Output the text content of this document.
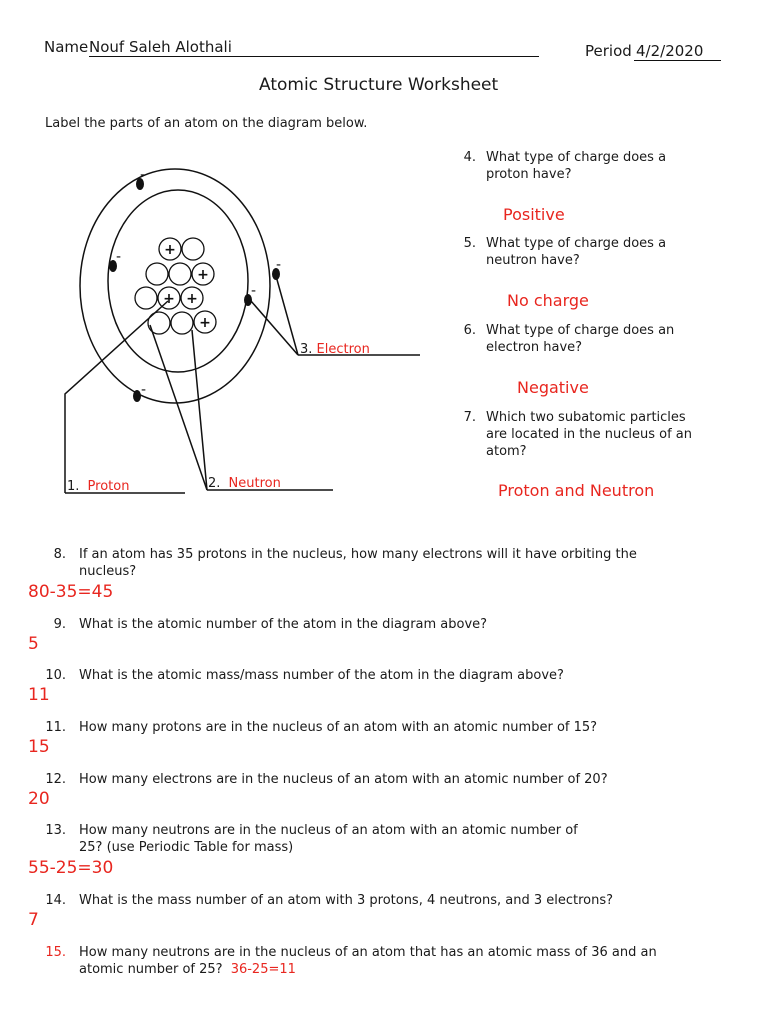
Name Nouf Saleh Alothali	Period 4/2/2020
Atomic Structure Worksheet
Label the parts of an atom on the diagram below.
+
+
+ +
+
-
-	-
-
-
1. Proton	2. Neutron
3. Electron
4. What type of charge does a
proton have?
Positive
5. What type of charge does a
neutron have?
No charge
6. What type of charge does an
electron have?
Negative
7. Which two subatomic particles
are located in the nucleus of an
atom?
Proton and Neutron
8. If an atom has 35 protons in the nucleus, how many electrons will it have orbiting the
nucleus?
80-35=45
9. What is the atomic number of the atom in the diagram above?
5
10. What is the atomic mass/mass number of the atom in the diagram above?
11
11. How many protons are in the nucleus of an atom with an atomic number of 15?
15
12. How many electrons are in the nucleus of an atom with an atomic number of 20?
20
13. How many neutrons are in the nucleus of an atom with an atomic number of
25? (use Periodic Table for mass)
55-25=30
14. What is the mass number of an atom with 3 protons, 4 neutrons, and 3 electrons?
7
15. How many neutrons are in the nucleus of an atom that has an atomic mass of 36 and an
atomic number of 25? 36-25=11
